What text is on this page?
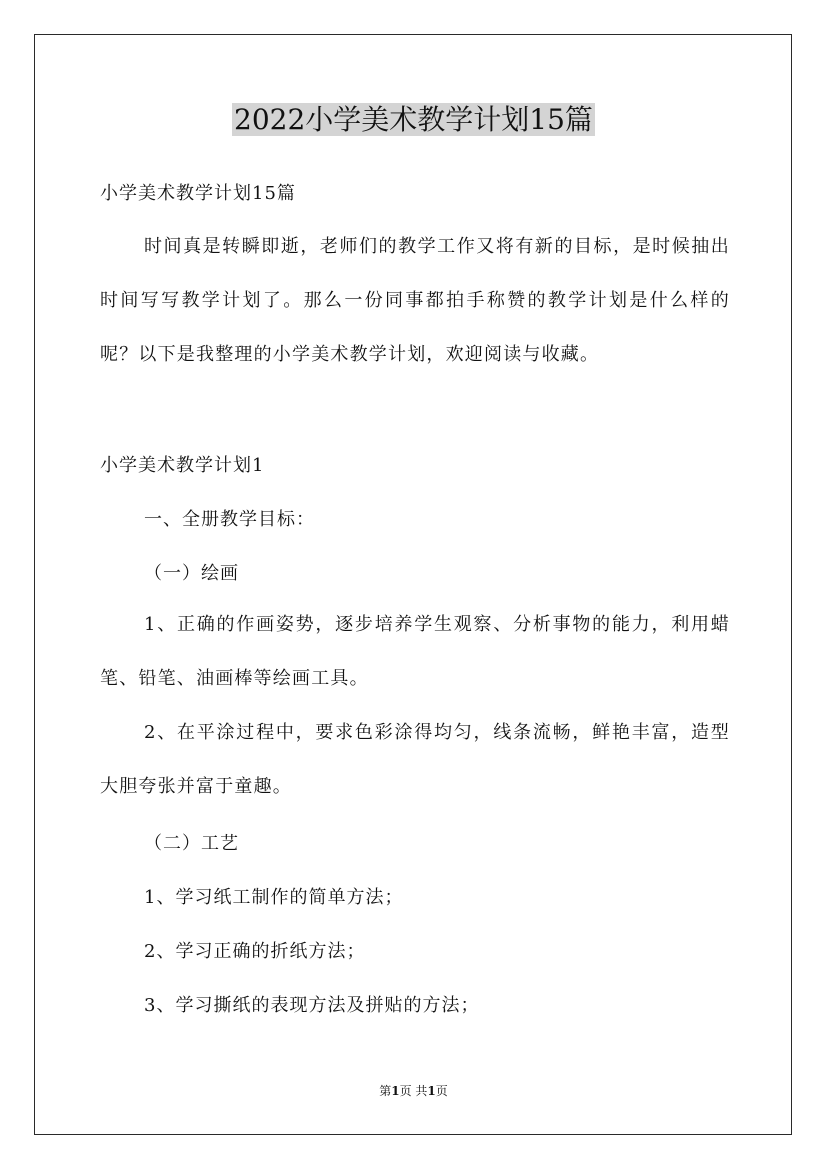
2022小学美术教学计划15篇

小学美术教学计划15篇

时间真是转瞬即逝，老师们的教学工作又将有新的目标，是时候抽出时间写写教学计划了。那么一份同事都拍手称赞的教学计划是什么样的呢？以下是我整理的小学美术教学计划，欢迎阅读与收藏。

小学美术教学计划1

一、全册教学目标：

（一）绘画

1、正确的作画姿势，逐步培养学生观察、分析事物的能力，利用蜡笔、铅笔、油画棒等绘画工具。

2、在平涂过程中，要求色彩涂得均匀，线条流畅，鲜艳丰富，造型大胆夸张并富于童趣。

（二）工艺

1、学习纸工制作的简单方法；

2、学习正确的折纸方法；

3、学习撕纸的表现方法及拼贴的方法；

第1页 共1页
